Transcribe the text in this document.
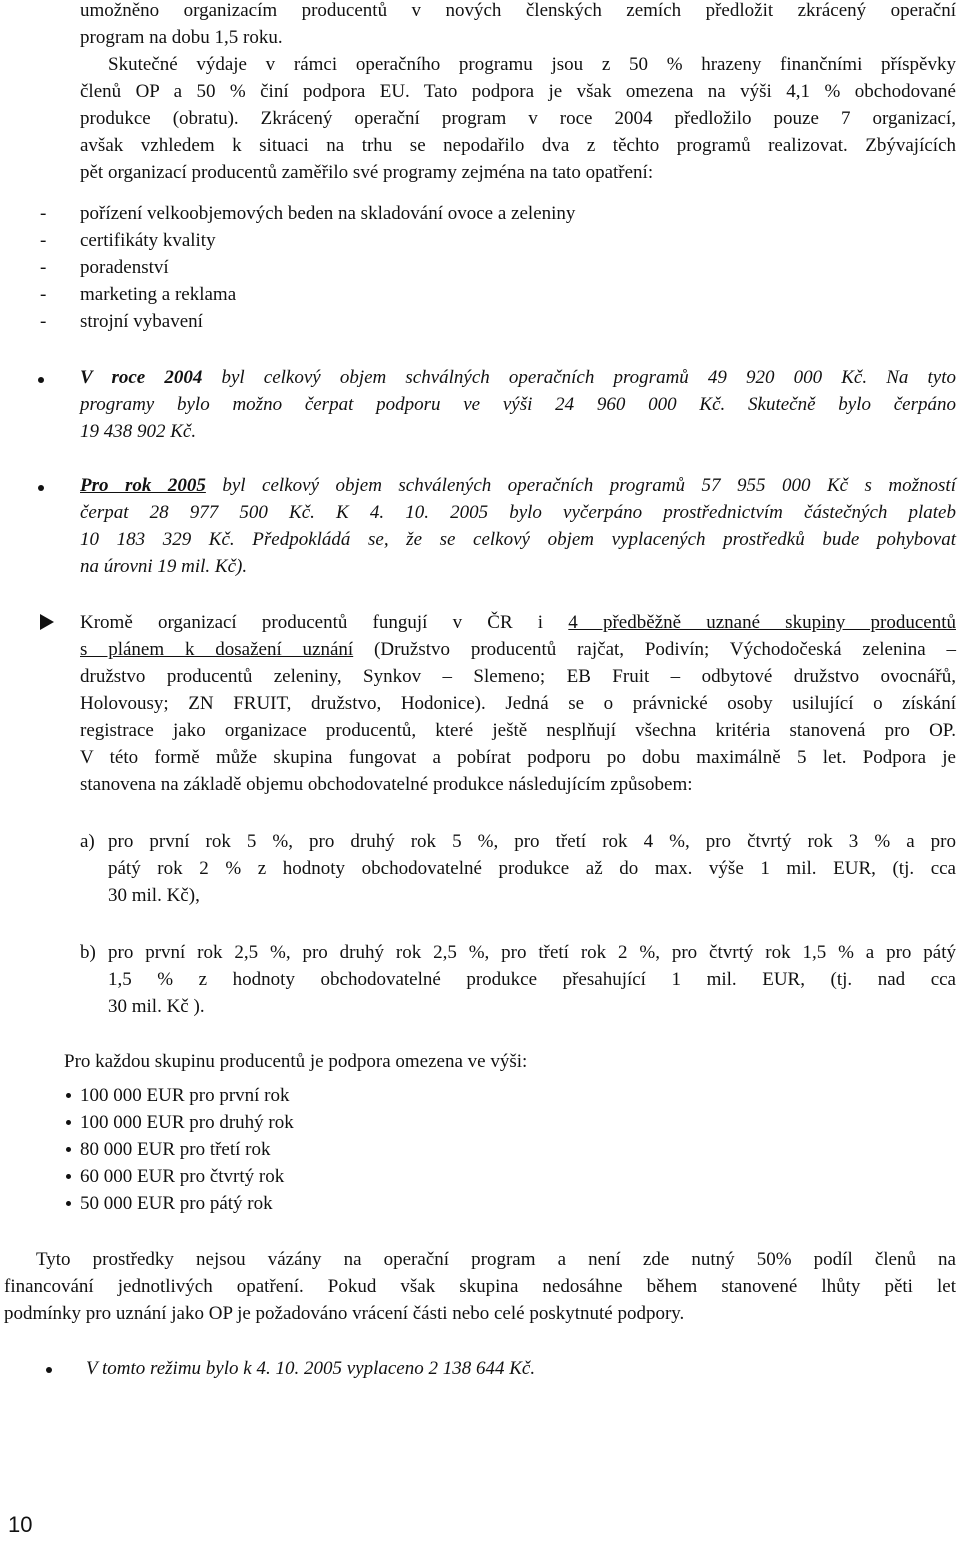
umožněno organizacím producentů v nových členských zemích předložit zkrácený operační
program na dobu 1,5 roku.
Skutečné výdaje v rámci operačního programu jsou z 50 % hrazeny finančními příspěvky
členů OP a 50 % činí podpora EU. Tato podpora je však omezena na výši 4,1 % obchodované
produkce (obratu). Zkrácený operační program v roce 2004 předložilo pouze 7 organizací,
avšak vzhledem k situaci na trhu se nepodařilo dva z těchto programů realizovat. Zbývajících
pět organizací producentů zaměřilo své programy zejména na tato opatření:
- pořízení velkoobjemových beden na skladování ovoce a zeleniny
- certifikáty kvality
- poradenství
- marketing a reklama
- strojní vybavení
V roce 2004 byl celkový objem schválných operačních programů 49 920 000 Kč. Na tyto
programy bylo možno čerpat podporu ve výši 24 960 000 Kč. Skutečně bylo čerpáno
19 438 902 Kč.
Pro rok 2005 byl celkový objem schválených operačních programů 57 955 000 Kč s možností
čerpat 28 977 500 Kč. K 4. 10. 2005 bylo vyčerpáno prostřednictvím částečných plateb
10 183 329 Kč. Předpokládá se, že se celkový objem vyplacených prostředků bude pohybovat
na úrovni 19 mil. Kč).
Kromě organizací producentů fungují v ČR i 4 předběžně uznané skupiny producentů
s plánem k dosažení uznání (Družstvo producentů rajčat, Podivín; Východočeská zelenina –
družstvo producentů zeleniny, Synkov – Slemeno; EB Fruit – odbytové družstvo ovocnářů,
Holovousy; ZN FRUIT, družstvo, Hodonice). Jedná se o právnické osoby usilující o získání
registrace jako organizace producentů, které ještě nesplňují všechna kritéria stanovená pro OP.
V této formě může skupina fungovat a pobírat podporu po dobu maximálně 5 let. Podpora je
stanovena na základě objemu obchodovatelné produkce následujícím způsobem:
a) pro první rok 5 %, pro druhý rok 5 %, pro třetí rok 4 %, pro čtvrtý rok 3 % a pro
pátý rok 2 % z hodnoty obchodovatelné produkce až do max. výše 1 mil. EUR, (tj. cca
30 mil. Kč),
b) pro první rok 2,5 %, pro druhý rok 2,5 %, pro třetí rok 2 %, pro čtvrtý rok 1,5 % a pro pátý
1,5 % z hodnoty obchodovatelné produkce přesahující 1 mil. EUR, (tj. nad cca
30 mil. Kč ).
Pro každou skupinu producentů je podpora omezena ve výši:
100 000 EUR pro první rok
100 000 EUR pro druhý rok
80 000 EUR pro třetí rok
60 000 EUR pro čtvrtý rok
50 000 EUR pro pátý rok
Tyto prostředky nejsou vázány na operační program a není zde nutný 50% podíl členů na
financování jednotlivých opatření. Pokud však skupina nedosáhne během stanovené lhůty pěti let
podmínky pro uznání jako OP je požadováno vrácení části nebo celé poskytnuté podpory.
V tomto režimu bylo k 4. 10. 2005 vyplaceno 2 138 644 Kč.
10
